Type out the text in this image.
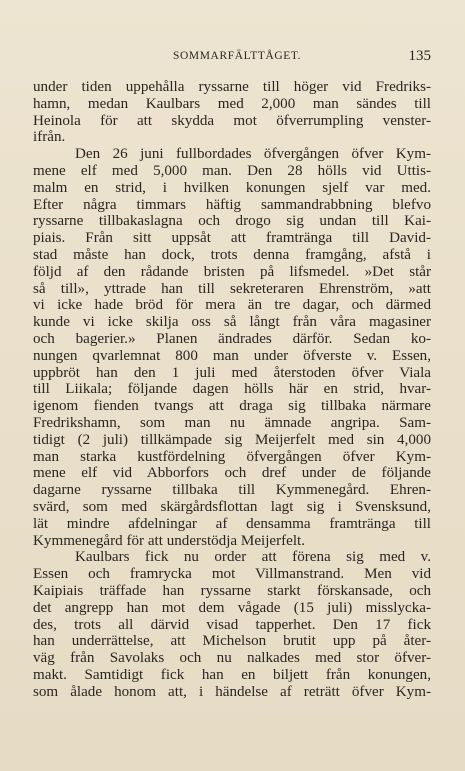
SOMMARFÄLTTÅGET.	135
under tiden uppehålla ryssarne till höger vid Fredriks-
hamn, medan Kaulbars med 2,000 man sändes till
Heinola för att skydda mot öfverrumpling venster-
ifrån.
Den 26 juni fullbordades öfvergången öfver Kym-
mene elf med 5,000 man. Den 28 hölls vid Uttis-
malm en strid, i hvilken konungen sjelf var med.
Efter några timmars häftig sammandrabbning blefvo
ryssarne tillbakaslagna och drogo sig undan till Kai-
piais. Från sitt uppsåt att framtränga till David-
stad måste han dock, trots denna framgång, afstå i
följd af den rådande bristen på lifsmedel. »Det står
så till», yttrade han till sekreteraren Ehrenström, »att
vi icke hade bröd för mera än tre dagar, och därmed
kunde vi icke skilja oss så långt från våra magasiner
och bagerier.» Planen ändrades därför. Sedan ko-
nungen qvarlemnat 800 man under öfverste v. Essen,
uppbröt han den 1 juli med återstoden öfver Viala
till Liikala; följande dagen hölls här en strid, hvar-
igenom fienden tvangs att draga sig tillbaka närmare
Fredrikshamn, som man nu ämnade angripa. Sam-
tidigt (2 juli) tillkämpade sig Meijerfelt med sin 4,000
man starka kustfördelning öfvergången öfver Kym-
mene elf vid Abborfors och dref under de följande
dagarne ryssarne tillbaka till Kymmenegård. Ehren-
svärd, som med skärgårdsflottan lagt sig i Svensksund,
lät mindre afdelningar af densamma framtränga till
Kymmenegård för att understödja Meijerfelt.
Kaulbars fick nu order att förena sig med v.
Essen och framrycka mot Villmanstrand. Men vid
Kaipiais träffade han ryssarne starkt förskansade, och
det angrepp han mot dem vågade (15 juli) misslycka-
des, trots all därvid visad tapperhet. Den 17 fick
han underrättelse, att Michelson brutit upp på åter-
väg från Savolaks och nu nalkades med stor öfver-
makt. Samtidigt fick han en biljett från konungen,
som ålade honom att, i händelse af reträtt öfver Kym-
